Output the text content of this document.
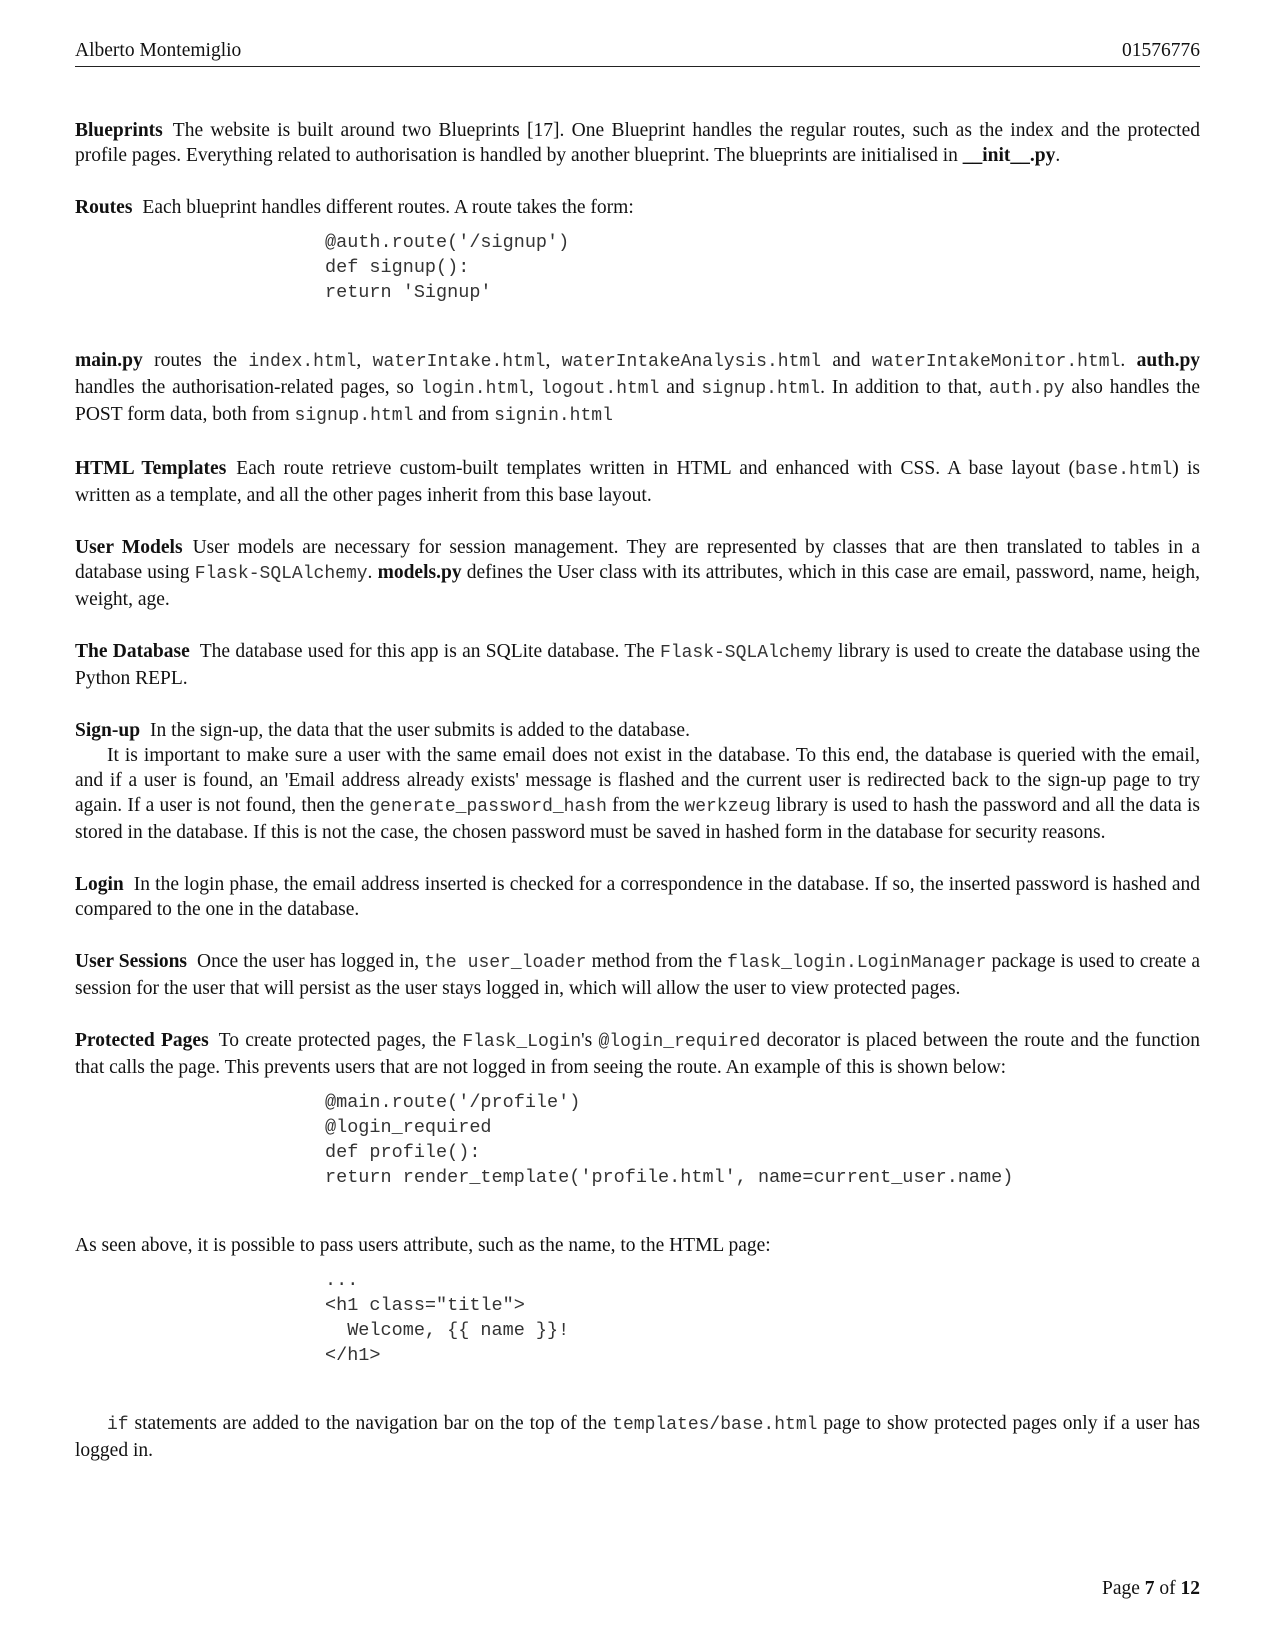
Alberto Montemiglio	01576776

Blueprints The website is built around two Blueprints [17]. One Blueprint handles the regular routes, such as the index and the protected profile pages. Everything related to authorisation is handled by another blueprint. The blueprints are initialised in __init__.py.

Routes Each blueprint handles different routes. A route takes the form:

@auth.route('/signup')
def signup():
return 'Signup'

main.py routes the index.html, waterIntake.html, waterIntakeAnalysis.html and waterIntakeMonitor.html. auth.py handles the authorisation-related pages, so login.html, logout.html and signup.html. In addition to that, auth.py also handles the POST form data, both from signup.html and from signin.html

HTML Templates Each route retrieve custom-built templates written in HTML and enhanced with CSS. A base layout (base.html) is written as a template, and all the other pages inherit from this base layout.

User Models User models are necessary for session management. They are represented by classes that are then translated to tables in a database using Flask-SQLAlchemy. models.py defines the User class with its attributes, which in this case are email, password, name, heigh, weight, age.

The Database The database used for this app is an SQLite database. The Flask-SQLAlchemy library is used to create the database using the Python REPL.

Sign-up In the sign-up, the data that the user submits is added to the database.

It is important to make sure a user with the same email does not exist in the database. To this end, the database is queried with the email, and if a user is found, an 'Email address already exists' message is flashed and the current user is redirected back to the sign-up page to try again. If a user is not found, then the generate_password_hash from the werkzeug library is used to hash the password and all the data is stored in the database. If this is not the case, the chosen password must be saved in hashed form in the database for security reasons.

Login In the login phase, the email address inserted is checked for a correspondence in the database. If so, the inserted password is hashed and compared to the one in the database.

User Sessions Once the user has logged in, the user_loader method from the flask_login.LoginManager package is used to create a session for the user that will persist as the user stays logged in, which will allow the user to view protected pages.

Protected Pages To create protected pages, the Flask_Login's @login_required decorator is placed between the route and the function that calls the page. This prevents users that are not logged in from seeing the route. An example of this is shown below:

@main.route('/profile')
@login_required
def profile():
return render_template('profile.html', name=current_user.name)

As seen above, it is possible to pass users attribute, such as the name, to the HTML page:

...
<h1 class="title">
Welcome, {{ name }}!
</h1>

if statements are added to the navigation bar on the top of the templates/base.html page to show protected pages only if a user has logged in.

Page 7 of 12
